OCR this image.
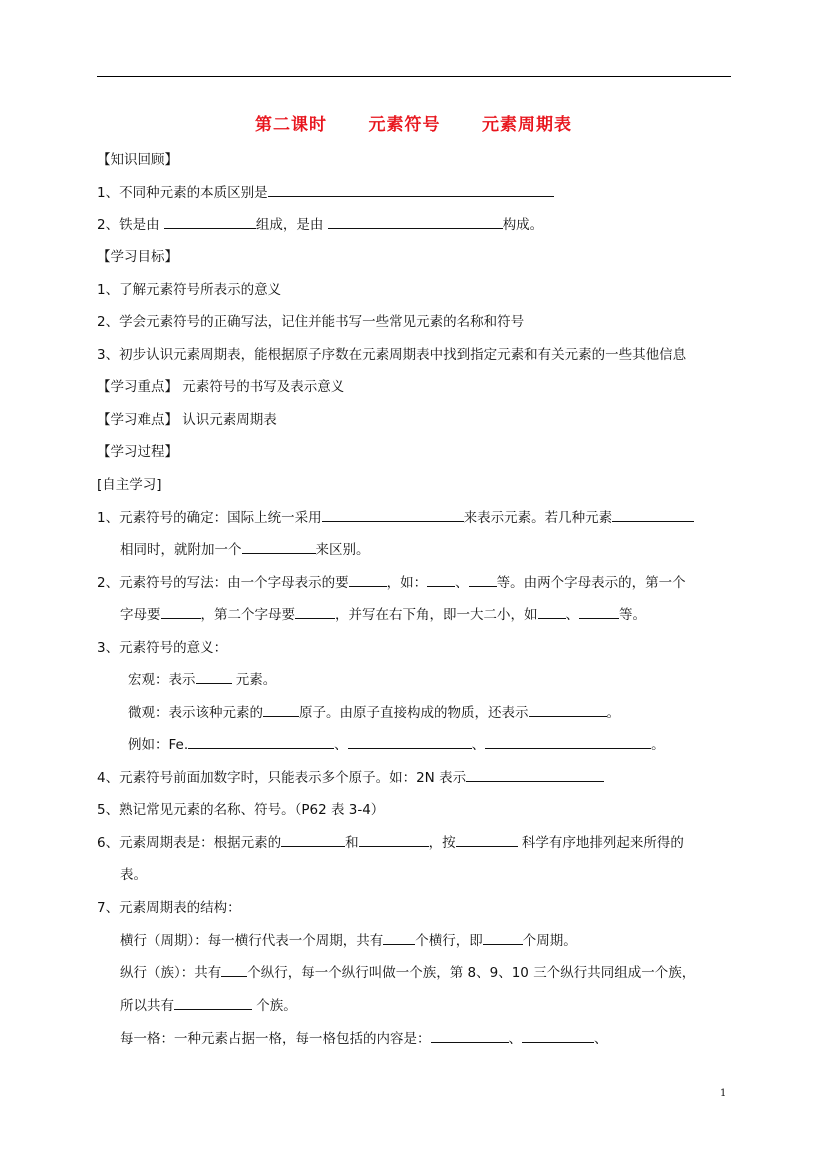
第二课时      元素符号      元素周期表
【知识回顾】
1、不同种元素的本质区别是
2、铁是由	组成，是由	构成。
【学习目标】
1、了解元素符号所表示的意义
2、学会元素符号的正确写法，记住并能书写一些常见元素的名称和符号
3、初步认识元素周期表，能根据原子序数在元素周期表中找到指定元素和有关元素的一些其他信息
【学习重点】 元素符号的书写及表示意义
【学习难点】 认识元素周期表
【学习过程】
[自主学习]
1、元素符号的确定：国际上统一采用	来表示元素。若几种元素
相同时，就附加一个	来区别。
2、元素符号的写法：由一个字母表示的要	，如： 、 等。由两个字母表示的，第一个
字母要	，第二个字母要	，并写在右下角，即一大二小，如 、	等。
3、元素符号的意义：
宏观：表示	元素。
微观：表示该种元素的	原子。由原子直接构成的物质，还表示	。
例如：Fe.	、	、	。
4、元素符号前面加数字时，只能表示多个原子。如：2N 表示
5、熟记常见元素的名称、符号。（P62 表 3-4）
6、元素周期表是：根据元素的	和	，按	科学有序地排列起来所得的
表。
7、元素周期表的结构：
横行（周期）：每一横行代表一个周期，共有 个横行，即	个周期。
纵行（族）：共有 个纵行，每一个纵行叫做一个族，第 8、9、10 三个纵行共同组成一个族，
所以共有	个族。
每一格：一种元素占据一格，每一格包括的内容是：	、	、
1
